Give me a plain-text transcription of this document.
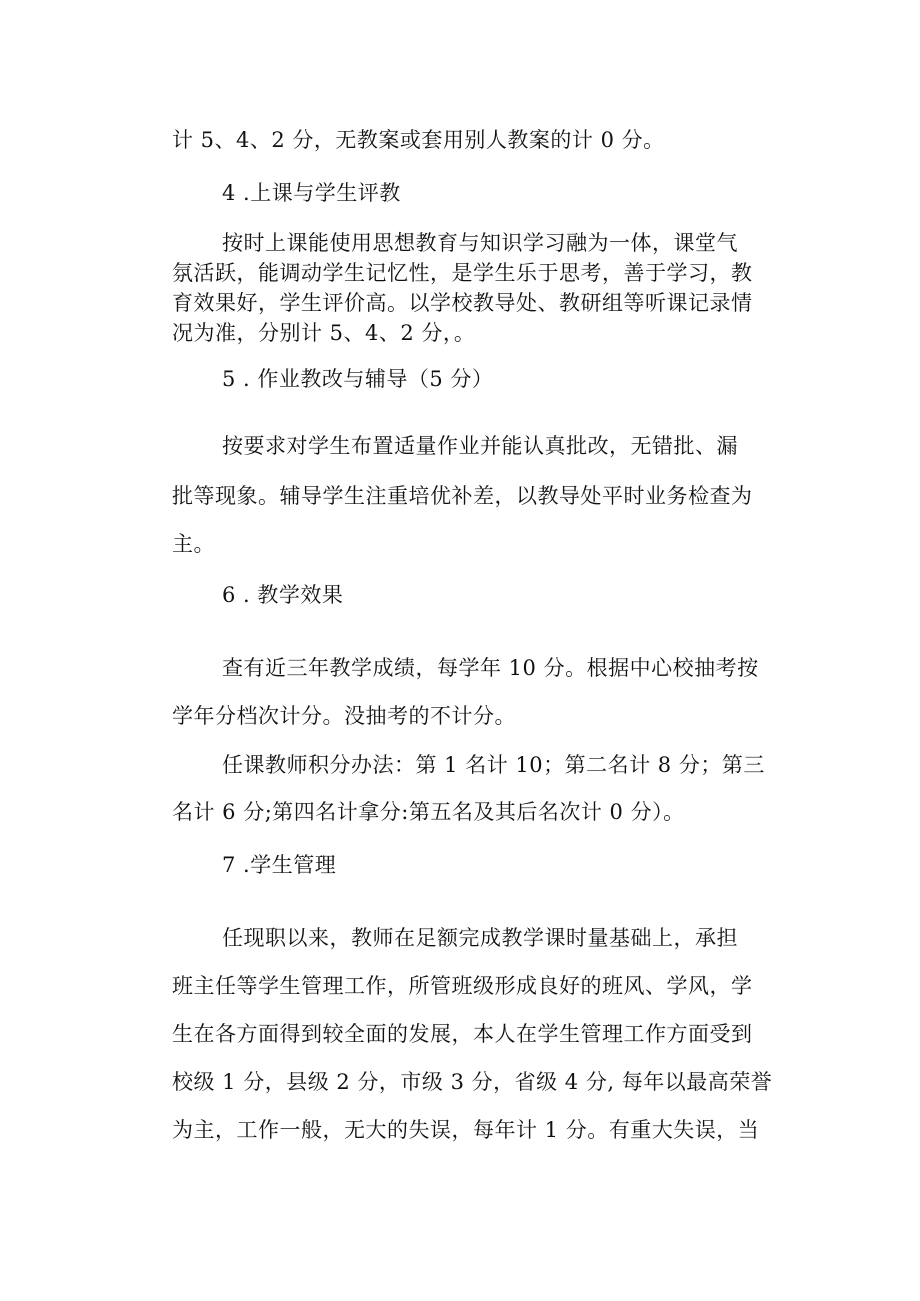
计 5、4、2 分，无教案或套用别人教案的计 0 分。
4 .上课与学生评教
按时上课能使用思想教育与知识学习融为一体，课堂气
氛活跃，能调动学生记忆性，是学生乐于思考，善于学习，教
育效果好，学生评价高。以学校教导处、教研组等听课记录情
况为准，分别计 5、4、2 分，。
5 . 作业教改与辅导（5 分）
按要求对学生布置适量作业并能认真批改，无错批、漏
批等现象。辅导学生注重培优补差，以教导处平时业务检查为
主。
6 . 教学效果
查有近三年教学成绩，每学年 10 分。根据中心校抽考按
学年分档次计分。没抽考的不计分。
任课教师积分办法：第 1 名计 10；第二名计 8 分；第三
名计 6 分;第四名计拿分:第五名及其后名次计 0 分）。
7 .学生管理
任现职以来，教师在足额完成教学课时量基础上，承担
班主任等学生管理工作，所管班级形成良好的班风、学风，学
生在各方面得到较全面的发展，本人在学生管理工作方面受到
校级 1 分，县级 2 分，市级 3 分，省级 4 分, 每年以最高荣誉
为主，工作一般，无大的失误，每年计 1 分。有重大失误，当
